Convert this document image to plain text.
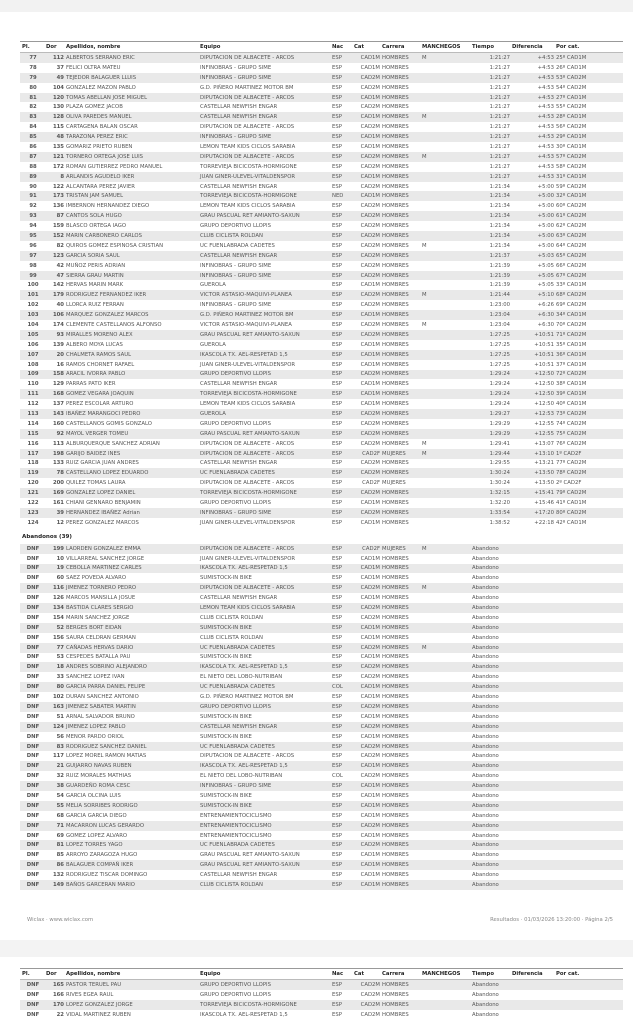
Pl.	Dor	Apellidos, nombre	Equipo	Nac	Cat	Carrera	MANCHEGOS	Tiempo	Diferencia	Por cat.
77	112	ALBERTOS SERRANO ERIC	DIPUTACION DE ALBACETE - ARCOS	ESP	CAD1M	HOMBRES	M	1:21:27	+4:53	25º CAD1M
78	37	FELICI OLTRA MATEU	INFINOBRAS - GRUPO SIME	ESP	CAD1M	HOMBRES		1:21:27	+4:53	26º CAD1M
79	49	TEJEDOR BALAGUER LLUIS	INFINOBRAS - GRUPO SIME	ESP	CAD2M	HOMBRES		1:21:27	+4:53	53º CAD2M
80	104	GONZALEZ MAZON PABLO	G.D. PIÑERO MARTINEZ MOTOR BM	ESP	CAD2M	HOMBRES		1:21:27	+4:53	54º CAD2M
81	120	TOMAS ABELLAN JOSE MIGUEL	DIPUTACION DE ALBACETE - ARCOS	ESP	CAD1M	HOMBRES		1:21:27	+4:53	27º CAD1M
82	130	PLAZA GOMEZ JACOB	CASTELLAR NEWFISH ENGAR	ESP	CAD2M	HOMBRES		1:21:27	+4:53	55º CAD2M
83	128	OLIVA PAREDES MANUEL	CASTELLAR NEWFISH ENGAR	ESP	CAD1M	HOMBRES	M	1:21:27	+4:53	28º CAD1M
84	115	CARTAGENA BALAN OSCAR	DIPUTACION DE ALBACETE - ARCOS	ESP	CAD2M	HOMBRES		1:21:27	+4:53	56º CAD2M
85	48	TARAZONA PEREZ ERIC	INFINOBRAS - GRUPO SIME	ESP	CAD1M	HOMBRES		1:21:27	+4:53	29º CAD1M
86	135	GOMARIZ PRIETO RUBEN	LEMON TEAM KIDS CICLOS SARABIA	ESP	CAD1M	HOMBRES		1:21:27	+4:53	30º CAD1M
87	121	TORNERO ORTEGA JOSE LUIS	DIPUTACION DE ALBACETE - ARCOS	ESP	CAD2M	HOMBRES	M	1:21:27	+4:53	57º CAD2M
88	172	ROMAN GUTIERREZ PEDRO MANUEL	TORREVIEJA BICICOSTA-HORMIGONE	ESP	CAD2M	HOMBRES		1:21:27	+4:53	58º CAD2M
89	8	ARLANDIS AGUDELO IKER	JUAN GINER-ULEVEL-VITALDENSPOR	ESP	CAD1M	HOMBRES		1:21:27	+4:53	31º CAD1M
90	122	ALCANTARA PEREZ JAVIER	CASTELLAR NEWFISH ENGAR	ESP	CAD2M	HOMBRES		1:21:34	+5:00	59º CAD2M
91	173	TRISTAN JAM SAMUEL	TORREVIEJA BICICOSTA-HORMIGONE	NED	CAD1M	HOMBRES		1:21:34	+5:00	32º CAD1M
92	136	IMBERNON HERNANDEZ DIEGO	LEMON TEAM KIDS CICLOS SARABIA	ESP	CAD2M	HOMBRES		1:21:34	+5:00	60º CAD2M
93	87	CANTOS SOLA HUGO	GRAU PASCUAL RET AMIANTO-SAXUN	ESP	CAD2M	HOMBRES		1:21:34	+5:00	61º CAD2M
94	159	BLASCO ORTEGA IAGO	GRUPO DEPORTIVO LLOPIS	ESP	CAD2M	HOMBRES		1:21:34	+5:00	62º CAD2M
95	152	MARIN CARBONERO CARLOS	CLUB CICLISTA ROLDAN	ESP	CAD2M	HOMBRES		1:21:34	+5:00	63º CAD2M
96	82	QUIROS GOMEZ ESPINOSA CRISTIAN	UC FUENLABRADA CADETES	ESP	CAD2M	HOMBRES	M	1:21:34	+5:00	64º CAD2M
97	123	GARCIA SORIA SAUL	CASTELLAR NEWFISH ENGAR	ESP	CAD2M	HOMBRES		1:21:37	+5:03	65º CAD2M
98	42	MUÑOZ PERIS ADRIAN	INFINOBRAS - GRUPO SIME	ESP	CAD2M	HOMBRES		1:21:39	+5:05	66º CAD2M
99	47	SIERRA GRAU MARTIN	INFINOBRAS - GRUPO SIME	ESP	CAD2M	HOMBRES		1:21:39	+5:05	67º CAD2M
100	142	HERVAS MARIN MARK	GUEROLA	ESP	CAD1M	HOMBRES		1:21:39	+5:05	33º CAD1M
101	179	RODRIGUEZ FERNANDEZ IKER	VICTOR ASTASIO-MAQUIVI-PLANEA	ESP	CAD2M	HOMBRES	M	1:21:44	+5:10	68º CAD2M
102	40	LLORCA RUIZ FERRAN	INFINOBRAS - GRUPO SIME	ESP	CAD2M	HOMBRES		1:23:00	+6:26	69º CAD2M
103	106	MARQUEZ GONZALEZ MARCOS	G.D. PIÑERO MARTINEZ MOTOR BM	ESP	CAD1M	HOMBRES		1:23:04	+6:30	34º CAD1M
104	174	CLEMENTE CASTELLANOS ALFONSO	VICTOR ASTASIO-MAQUIVI-PLANEA	ESP	CAD2M	HOMBRES	M	1:23:04	+6:30	70º CAD2M
105	93	MIRALLES MORENO ALEX	GRAU PASCUAL RET AMIANTO-SAXUN	ESP	CAD2M	HOMBRES		1:27:25	+10:51	71º CAD2M
106	139	ALBERO MOYA LUCAS	GUEROLA	ESP	CAD1M	HOMBRES		1:27:25	+10:51	35º CAD1M
107	20	CHALMETA RAMOS SAUL	IKASCOLA TX. AEL-RESPETAD 1,5	ESP	CAD1M	HOMBRES		1:27:25	+10:51	36º CAD1M
108	16	RAMOS CHORNET RAFAEL	JUAN GINER-ULEVEL-VITALDENSPOR	ESP	CAD1M	HOMBRES		1:27:25	+10:51	37º CAD1M
109	158	ARACIL IVORRA PABLO	GRUPO DEPORTIVO LLOPIS	ESP	CAD2M	HOMBRES		1:29:24	+12:50	72º CAD2M
110	129	PARRAS PATO IKER	CASTELLAR NEWFISH ENGAR	ESP	CAD1M	HOMBRES		1:29:24	+12:50	38º CAD1M
111	168	GOMEZ VEGARA JOAQUIN	TORREVIEJA BICICOSTA-HORMIGONE	ESP	CAD1M	HOMBRES		1:29:24	+12:50	39º CAD1M
112	137	PEREZ ESCOLAR ARTURO	LEMON TEAM KIDS CICLOS SARABIA	ESP	CAD1M	HOMBRES		1:29:24	+12:50	40º CAD1M
113	143	IBAÑEZ MARANGOCI PEDRO	GUEROLA	ESP	CAD2M	HOMBRES		1:29:27	+12:53	73º CAD2M
114	160	CASTELLANOS GOMIS GONZALO	GRUPO DEPORTIVO LLOPIS	ESP	CAD2M	HOMBRES		1:29:29	+12:55	74º CAD2M
115	92	MAYOL VERGER TOMEU	GRAU PASCUAL RET AMIANTO-SAXUN	ESP	CAD2M	HOMBRES		1:29:29	+12:55	75º CAD2M
116	113	ALBURQUERQUE SANCHEZ ADRIAN	DIPUTACION DE ALBACETE - ARCOS	ESP	CAD2M	HOMBRES	M	1:29:41	+13:07	76º CAD2M
117	198	GARIJO BAIDEZ INES	DIPUTACION DE ALBACETE - ARCOS	ESP	CAD2F	MUJERES	M	1:29:44	+13:10	1º CAD2F
118	133	RUIZ GARCIA JUAN ANDRES	CASTELLAR NEWFISH ENGAR	ESP	CAD2M	HOMBRES		1:29:55	+13:21	77º CAD2M
119	78	CASTELLANO LOPEZ EDUARDO	UC FUENLABRADA CADETES	ESP	CAD2M	HOMBRES		1:30:24	+13:50	78º CAD2M
120	200	QUILEZ TOMAS LAURA	DIPUTACION DE ALBACETE - ARCOS	ESP	CAD2F	MUJERES		1:30:24	+13:50	2º CAD2F
121	169	GONZALEZ LOPEZ DANIEL	TORREVIEJA BICICOSTA-HORMIGONE	ESP	CAD2M	HOMBRES		1:32:15	+15:41	79º CAD2M
122	161	CHIANI GENNARO BENJAMIN	GRUPO DEPORTIVO LLOPIS	ESP	CAD1M	HOMBRES		1:32:20	+15:46	41º CAD1M
123	39	HERNANDEZ IBAÑEZ Adrian	INFINOBRAS - GRUPO SIME	ESP	CAD2M	HOMBRES		1:33:54	+17:20	80º CAD2M
124	12	PEREZ GONZALEZ MARCOS	JUAN GINER-ULEVEL-VITALDENSPOR	ESP	CAD1M	HOMBRES		1:38:52	+22:18	42º CAD1M
Abandonos (39)										
DNF	199	LAORDEN GONZALEZ EMMA	DIPUTACION DE ALBACETE - ARCOS	ESP	CAD2F	MUJERES	M	Abandono		
DNF	10	VILLARREAL SANCHEZ JORGE	JUAN GINER-ULEVEL-VITALDENSPOR	ESP	CAD1M	HOMBRES		Abandono		
DNF	19	CEBOLLA MARTINEZ CARLES	IKASCOLA TX. AEL-RESPETAD 1,5	ESP	CAD1M	HOMBRES		Abandono		
DNF	60	SAEZ POVEDA ALVARO	SUMISTOCK-IN BIKE	ESP	CAD1M	HOMBRES		Abandono		
DNF	116	JIMENEZ TORNERO PEDRO	DIPUTACION DE ALBACETE - ARCOS	ESP	CAD2M	HOMBRES	M	Abandono		
DNF	126	MARCOS MANSILLA JOSUE	CASTELLAR NEWFISH ENGAR	ESP	CAD1M	HOMBRES		Abandono		
DNF	134	BASTIDA CLARES SERGIO	LEMON TEAM KIDS CICLOS SARABIA	ESP	CAD2M	HOMBRES		Abandono		
DNF	154	MARIN SANCHEZ JORGE	CLUB CICLISTA ROLDAN	ESP	CAD2M	HOMBRES		Abandono		
DNF	52	BERGES BORT EIDAN	SUMISTOCK-IN BIKE	ESP	CAD1M	HOMBRES		Abandono		
DNF	156	SAURA CELDRAN GERMAN	CLUB CICLISTA ROLDAN	ESP	CAD1M	HOMBRES		Abandono		
DNF	77	CAÑADAS HERVAS DARIO	UC FUENLABRADA CADETES	ESP	CAD2M	HOMBRES	M	Abandono		
DNF	53	CESPEDES BATALLA PAU	SUMISTOCK-IN BIKE	ESP	CAD1M	HOMBRES		Abandono		
DNF	18	ANDRES SOBRINO ALEJANDRO	IKASCOLA TX. AEL-RESPETAD 1,5	ESP	CAD2M	HOMBRES		Abandono		
DNF	33	SANCHEZ LOPEZ IVAN	EL NIETO DEL LOBO-NUTRIBAN	ESP	CAD2M	HOMBRES		Abandono		
DNF	80	GARCIA PARRA DANIEL FELIPE	UC FUENLABRADA CADETES	COL	CAD1M	HOMBRES		Abandono		
DNF	102	DURAN SANCHEZ ANTONIO	G.D. PIÑERO MARTINEZ MOTOR BM	ESP	CAD1M	HOMBRES		Abandono		
DNF	163	JIMENEZ SABATER MARTIN	GRUPO DEPORTIVO LLOPIS	ESP	CAD2M	HOMBRES		Abandono		
DNF	51	ARNAL SALVADOR BRUNO	SUMISTOCK-IN BIKE	ESP	CAD1M	HOMBRES		Abandono		
DNF	124	JIMENEZ LOPEZ PABLO	CASTELLAR NEWFISH ENGAR	ESP	CAD2M	HOMBRES		Abandono		
DNF	56	MENOR PARDO ORIOL	SUMISTOCK-IN BIKE	ESP	CAD1M	HOMBRES		Abandono		
DNF	83	RODRIGUEZ SANCHEZ DANIEL	UC FUENLABRADA CADETES	ESP	CAD2M	HOMBRES		Abandono		
DNF	117	LOPEZ MOREL RAMON MATIAS	DIPUTACION DE ALBACETE - ARCOS	ESP	CAD2M	HOMBRES		Abandono		
DNF	21	GUIJARRO NAVAS RUBEN	IKASCOLA TX. AEL-RESPETAD 1,5	ESP	CAD1M	HOMBRES		Abandono		
DNF	32	RUIZ MORALES MATHIAS	EL NIETO DEL LOBO-NUTRIBAN	COL	CAD2M	HOMBRES		Abandono		
DNF	38	GUARDEÑO ROMA CESC	INFINOBRAS - GRUPO SIME	ESP	CAD1M	HOMBRES		Abandono		
DNF	54	GARCIA OLCINA LUIS	SUMISTOCK-IN BIKE	ESP	CAD1M	HOMBRES		Abandono		
DNF	55	MELIA SORRIBES RODRIGO	SUMISTOCK-IN BIKE	ESP	CAD1M	HOMBRES		Abandono		
DNF	68	GARCIA GARCIA DIEGO	ENTRENAMIENTOCICLISMO	ESP	CAD1M	HOMBRES		Abandono		
DNF	71	MACARRON LUCAS GERARDO	ENTRENAMIENTOCICLISMO	ESP	CAD2M	HOMBRES		Abandono		
DNF	69	GOMEZ LOPEZ ALVARO	ENTRENAMIENTOCICLISMO	ESP	CAD1M	HOMBRES		Abandono		
DNF	81	LOPEZ TORRES YAGO	UC FUENLABRADA CADETES	ESP	CAD2M	HOMBRES		Abandono		
DNF	85	ARROYO ZARAGOZA HUGO	GRAU PASCUAL RET AMIANTO-SAXUN	ESP	CAD1M	HOMBRES		Abandono		
DNF	86	BALAGUER COMPAÑ IKER	GRAU PASCUAL RET AMIANTO-SAXUN	ESP	CAD1M	HOMBRES		Abandono		
DNF	132	RODRIGUEZ TISCAR DOMINGO	CASTELLAR NEWFISH ENGAR	ESP	CAD1M	HOMBRES		Abandono		
DNF	149	BAÑOS GARCERAN MARIO	CLUB CICLISTA ROLDAN	ESP	CAD1M	HOMBRES		Abandono		
Wiclax · www.wiclax.com	Resultados · 01/03/2026 13:20:00 · Página 2/5
Pl.	Dor	Apellidos, nombre	Equipo	Nac	Cat	Carrera	MANCHEGOS	Tiempo	Diferencia	Por cat.
DNF	165	PASTOR TERUEL PAU	GRUPO DEPORTIVO LLOPIS	ESP	CAD2M	HOMBRES		Abandono		
DNF	166	RIVES EGEA RAUL	GRUPO DEPORTIVO LLOPIS	ESP	CAD2M	HOMBRES		Abandono		
DNF	170	LOPEZ GONZALEZ JORGE	TORREVIEJA BICICOSTA-HORMIGONE	ESP	CAD2M	HOMBRES		Abandono		
DNF	22	VIDAL MARTINEZ RUBEN	IKASCOLA TX. AEL-RESPETAD 1,5	ESP	CAD2M	HOMBRES		Abandono		
